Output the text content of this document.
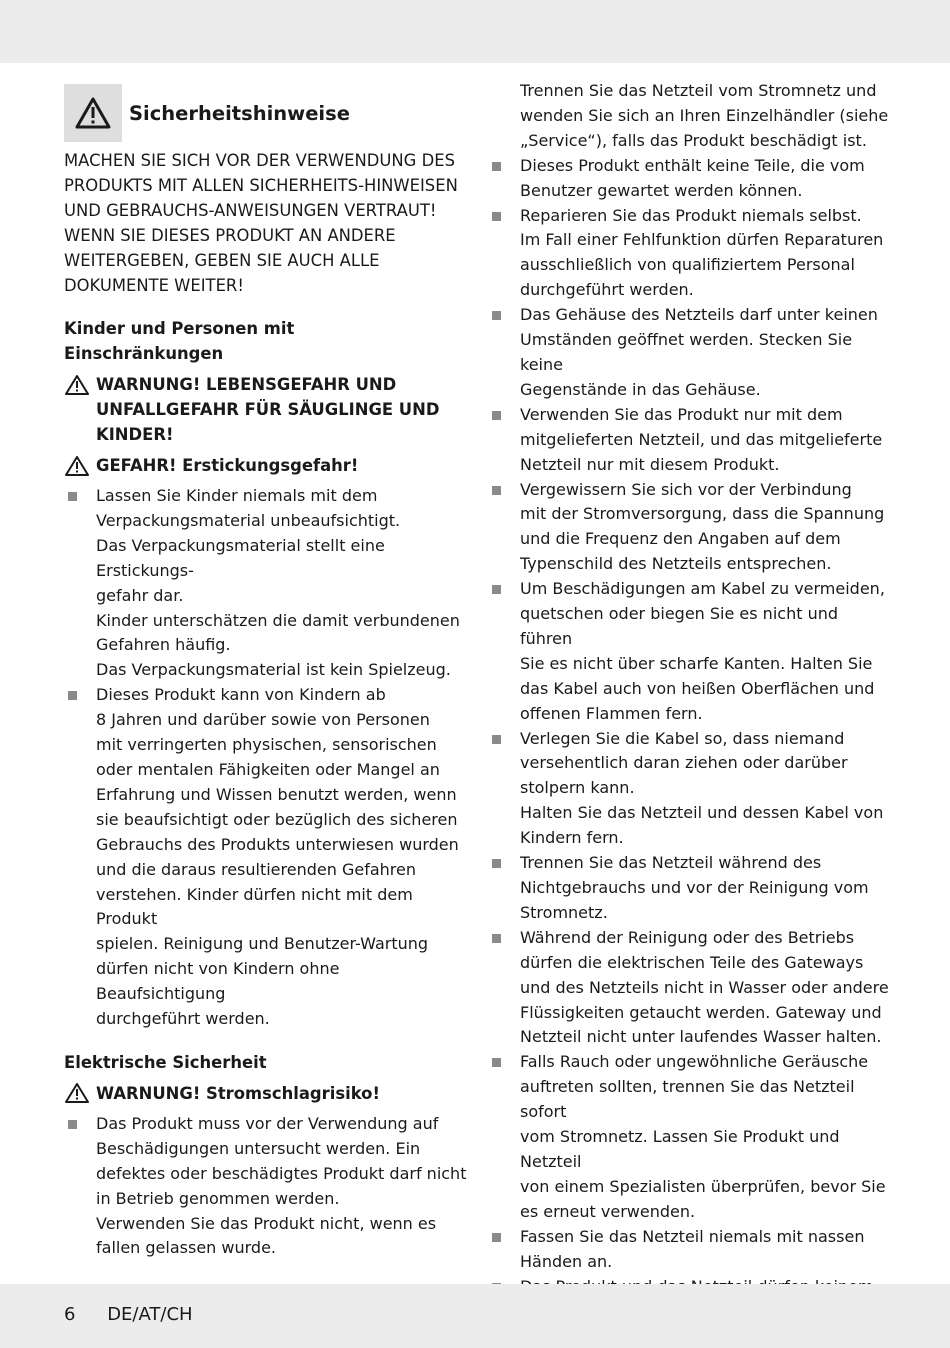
Sicherheitshinweise

MACHEN SIE SICH VOR DER VERWENDUNG DES PRODUKTS MIT ALLEN SICHERHEITS-HINWEISEN UND GEBRAUCHS-ANWEISUNGEN VERTRAUT! WENN SIE DIESES PRODUKT AN ANDERE WEITERGEBEN, GEBEN SIE AUCH ALLE DOKUMENTE WEITER!

Kinder und Personen mit
Einschränkungen

WARNUNG! LEBENSGEFAHR UND UNFALLGEFAHR FÜR SÄUGLINGE UND KINDER!
GEFAHR! Erstickungsgefahr!
Lassen Sie Kinder niemals mit dem
Verpackungsmaterial unbeaufsichtigt.
Das Verpackungsmaterial stellt eine Erstickungs-
gefahr dar.
Kinder unterschätzen die damit verbundenen
Gefahren häufig.
Das Verpackungsmaterial ist kein Spielzeug.
Dieses Produkt kann von Kindern ab
8 Jahren und darüber sowie von Personen
mit verringerten physischen, sensorischen
oder mentalen Fähigkeiten oder Mangel an
Erfahrung und Wissen benutzt werden, wenn
sie beaufsichtigt oder bezüglich des sicheren
Gebrauchs des Produkts unterwiesen wurden
und die daraus resultierenden Gefahren
verstehen. Kinder dürfen nicht mit dem Produkt
spielen. Reinigung und Benutzer-Wartung
dürfen nicht von Kindern ohne Beaufsichtigung
durchgeführt werden.

Elektrische Sicherheit

WARNUNG! Stromschlagrisiko!
Das Produkt muss vor der Verwendung auf
Beschädigungen untersucht werden. Ein
defektes oder beschädigtes Produkt darf nicht
in Betrieb genommen werden.
Verwenden Sie das Produkt nicht, wenn es
fallen gelassen wurde.

Trennen Sie das Netzteil vom Stromnetz und
wenden Sie sich an Ihren Einzelhändler (siehe
„Service“), falls das Produkt beschädigt ist.

Dieses Produkt enthält keine Teile, die vom
Benutzer gewartet werden können.
Reparieren Sie das Produkt niemals selbst.
Im Fall einer Fehlfunktion dürfen Reparaturen
ausschließlich von qualifiziertem Personal
durchgeführt werden.
Das Gehäuse des Netzteils darf unter keinen
Umständen geöffnet werden. Stecken Sie keine
Gegenstände in das Gehäuse.
Verwenden Sie das Produkt nur mit dem
mitgelieferten Netzteil, und das mitgelieferte
Netzteil nur mit diesem Produkt.
Vergewissern Sie sich vor der Verbindung
mit der Stromversorgung, dass die Spannung
und die Frequenz den Angaben auf dem
Typenschild des Netzteils entsprechen.
Um Beschädigungen am Kabel zu vermeiden,
quetschen oder biegen Sie es nicht und führen
Sie es nicht über scharfe Kanten. Halten Sie
das Kabel auch von heißen Oberflächen und
offenen Flammen fern.
Verlegen Sie die Kabel so, dass niemand
versehentlich daran ziehen oder darüber
stolpern kann.
Halten Sie das Netzteil und dessen Kabel von
Kindern fern.
Trennen Sie das Netzteil während des
Nichtgebrauchs und vor der Reinigung vom
Stromnetz.
Während der Reinigung oder des Betriebs
dürfen die elektrischen Teile des Gateways
und des Netzteils nicht in Wasser oder andere
Flüssigkeiten getaucht werden. Gateway und
Netzteil nicht unter laufendes Wasser halten.
Falls Rauch oder ungewöhnliche Geräusche
auftreten sollten, trennen Sie das Netzteil sofort
vom Stromnetz. Lassen Sie Produkt und Netzteil
von einem Spezialisten überprüfen, bevor Sie
es erneut verwenden.
Fassen Sie das Netzteil niemals mit nassen
Händen an.
6 DE/AT/CH
